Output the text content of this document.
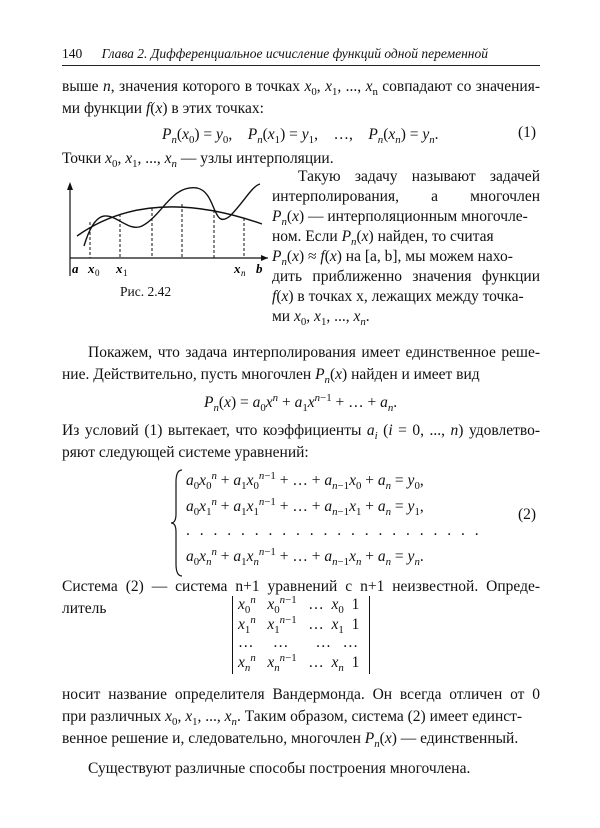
140 Глава 2. Дифференциальное исчисление функций одной переменной
выше n, значения которого в точках $x_0$, $x_1$, ..., $x_n$ совпадают со значения-
ми функции f(x) в этих точках:
$P_n(x_0) = y_0$,    $P_n(x_1) = y_1$,    …,    $P_n(x_n) = y_n$.	(1)
Точки $x_0$, $x_1$, ..., $x_n$ — узлы интерполяции.
a x 0 x 1	x n b
Рис. 2.42
Такую задачу называют задачей
интерполирования, а многочлен
$P_n(x)$ — интерполяционным многочле-
ном. Если $P_n(x)$ найден, то считая
$P_n(x) \approx f(x)$ на [a, b], мы можем нахо-
дить приближенно значения функции
f(x) в точках x, лежащих между точка-
ми $x_0$, $x_1$, ..., $x_n$.
Покажем, что задача интерполирования имеет единственное реше-
ние. Действительно, пусть многочлен $P_n(x)$ найден и имеет вид
$P_n(x) = a_0x^n + a_1x^{n-1}$ + … + $a_n$.
Из условий (1) вытекает, что коэффициенты $a_i$ (i = 0, ..., n) удовлетво-
ряют следующей системе уравнений:
$a_0x_0^n + a_1x_0^{n-1}$ + … + $a_{n-1}x_0 + a_n = y_0$,
$a_0x_1^n + a_1x_1^{n-1}$ + … + $a_{n-1}x_1 + a_n = y_1$,
. . . . . . . . . . . . . . . . . . . . . .
$a_0x_n^n + a_1x_n^{n-1}$ + … + $a_{n-1}x_n + a_n = y_n$.
(2)
Система (2) — система n+1 уравнений с n+1 неизвестной. Опреде-
литель	$x_0^n$ $x_0^{n-1}$   …  $x_0$  1
$x_1^n$ $x_1^{n-1}$   …  $x_1$  1
…     …       …   …
$x_n^n$ $x_n^{n-1}$   …  $x_n$  1
носит название определителя Вандермонда. Он всегда отличен от 0
при различных $x_0$, $x_1$, ..., $x_n$. Таким образом, система (2) имеет единст-
венное решение и, следовательно, многочлен $P_n(x)$ — единственный.
Существуют различные способы построения многочлена.
